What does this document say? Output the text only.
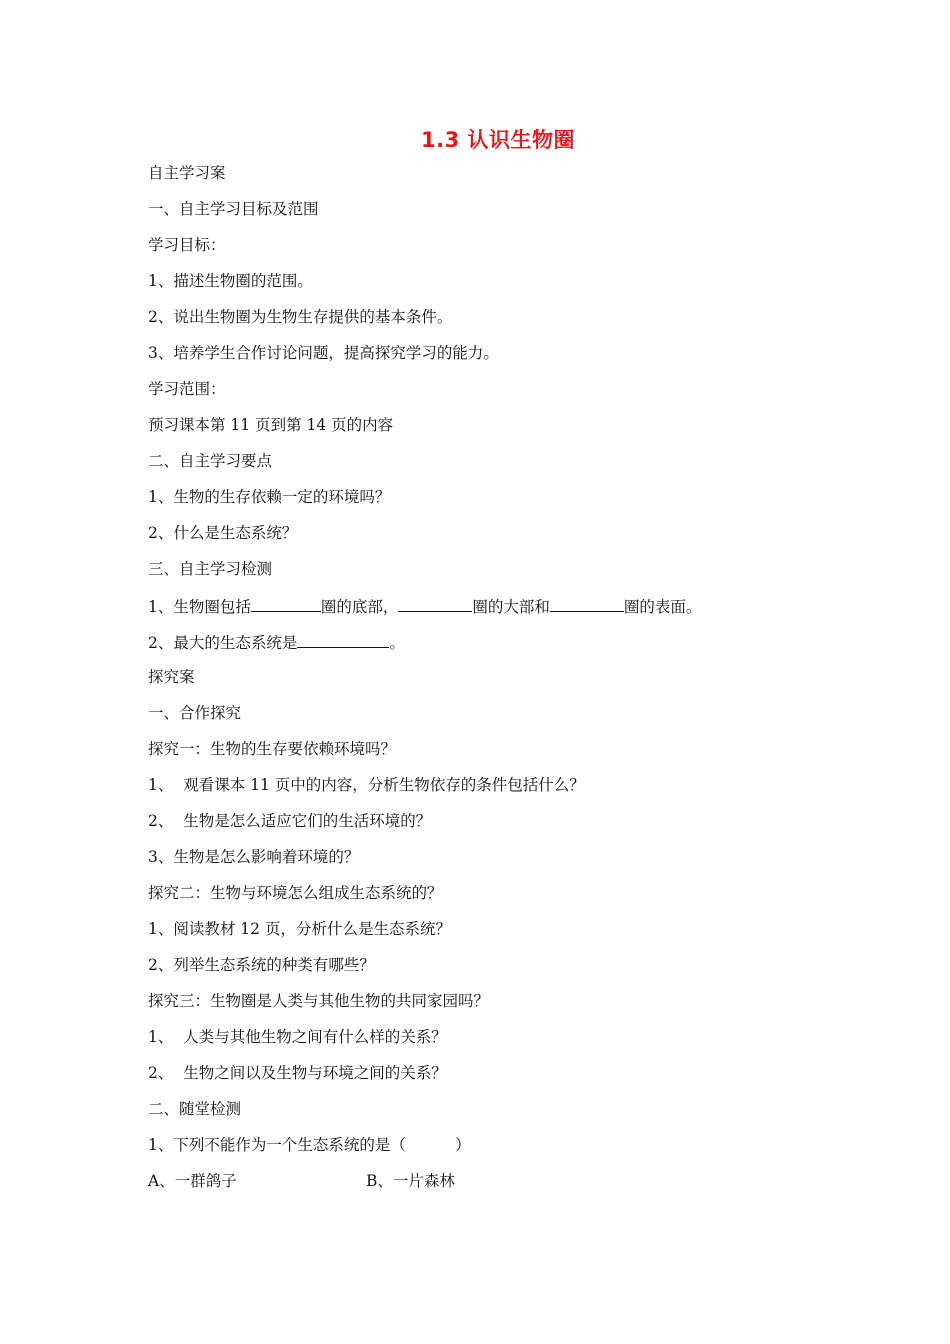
1.3 认识生物圈
自主学习案
一、自主学习目标及范围
学习目标：
1、描述生物圈的范围。
2、说出生物圈为生物生存提供的基本条件。
3、培养学生合作讨论问题，提高探究学习的能力。
学习范围：
预习课本第 11 页到第 14 页的内容
二、自主学习要点
1、生物的生存依赖一定的环境吗？
2、什么是生态系统？
三、自主学习检测
1、生物圈包括	圈的底部，	圈的大部和	圈的表面。
2、最大的生态系统是	。
探究案
一、合作探究
探究一：生物的生存要依赖环境吗？
1、  观看课本 11 页中的内容，分析生物依存的条件包括什么？
2、  生物是怎么适应它们的生活环境的？
3、生物是怎么影响着环境的？
探究二：生物与环境怎么组成生态系统的？
1、阅读教材 12 页，分析什么是生态系统？
2、列举生态系统的种类有哪些？
探究三：生物圈是人类与其他生物的共同家园吗？
1、  人类与其他生物之间有什么样的关系？
2、  生物之间以及生物与环境之间的关系？
二、随堂检测
1、下列不能作为一个生态系统的是（          ）
A、一群鸽子	B、一片森林
